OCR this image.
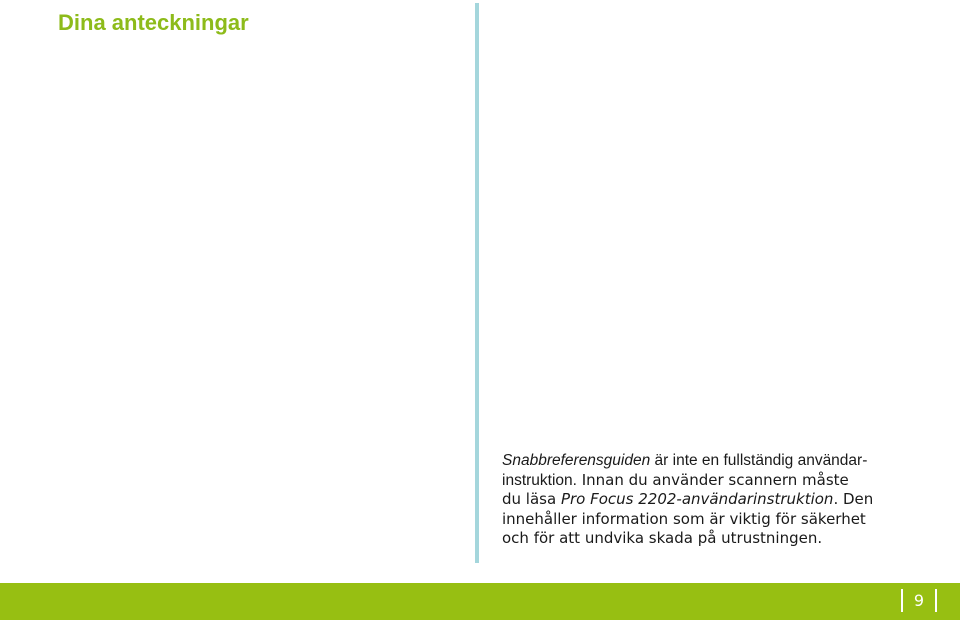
Dina anteckningar

Snabbreferensguiden är inte en fullständig användar-
instruktion. Innan du använder scannern måste
du läsa Pro Focus 2202-användarinstruktion. Den
innehåller information som är viktig för säkerhet
och för att undvika skada på utrustningen.

9
